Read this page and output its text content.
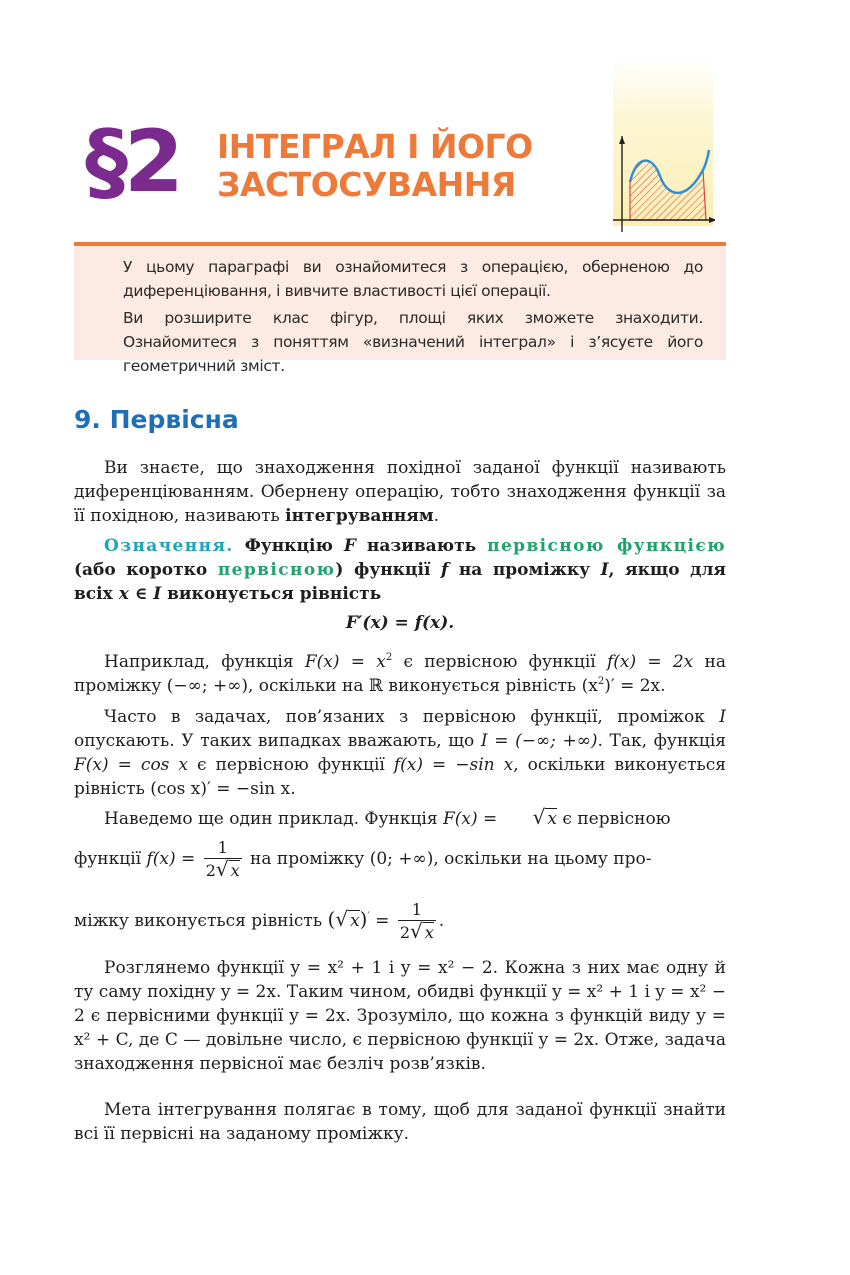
§2 ІНТЕГРАЛ І ЙОГО
ЗАСТОСУВАННЯ

У цьому параграфі ви ознайомитеся з операцією, оберненою до диференціювання, і вивчите властивості цієї операції.

Ви розширите клас фігур, площі яких зможете знаходити. Ознайомитеся з поняттям «визначений інтеграл» і з’ясуєте його геометричний зміст.

9. Первісна

Ви знаєте, що знаходження похідної заданої функції називають диференціюванням. Обернену операцію, тобто знаходження функції за її похідною, називають інтегруванням.

Означення. Функцію F називають первісною функцією (або коротко первісною) функції f на проміжку I, якщо для всіх x ∈ I виконується рівність

F′(x) = f(x).

Наприклад, функція $F(x) = x^2$ є первісною функції f(x) = 2x на проміжку (−∞; +∞), оскільки на ℝ виконується рівність $(x^2)' = 2x$.

Часто в задачах, пов’язаних з первісною функції, проміжок I опускають. У таких випадках вважають, що I = (−∞; +∞). Так, функція F(x) = cos x є первісною функції f(x) = −sin x, оскільки виконується рівність (cos x)′ = −sin x.

Наведемо ще один приклад. Функція F(x) = √ x є первісною
функції $f(x) = \frac{1}{2√ x}$ на проміжку (0; +∞), оскільки на цьому про-
міжку виконується рівність (√ $x)' = \frac{1}{2√ x}$ .

Розглянемо функції y = x² + 1 і y = x² − 2. Кожна з них має одну й ту саму похідну y = 2x. Таким чином, обидві функції y = x² + 1 і y = x² − 2 є первісними функції y = 2x. Зрозуміло, що кожна з функцій виду y = x² + C, де C — довільне число, є первісною функції y = 2x. Отже, задача знаходження первісної має безліч розв’язків.

Мета інтегрування полягає в тому, щоб для заданої функції знайти всі її первісні на заданому проміжку.
